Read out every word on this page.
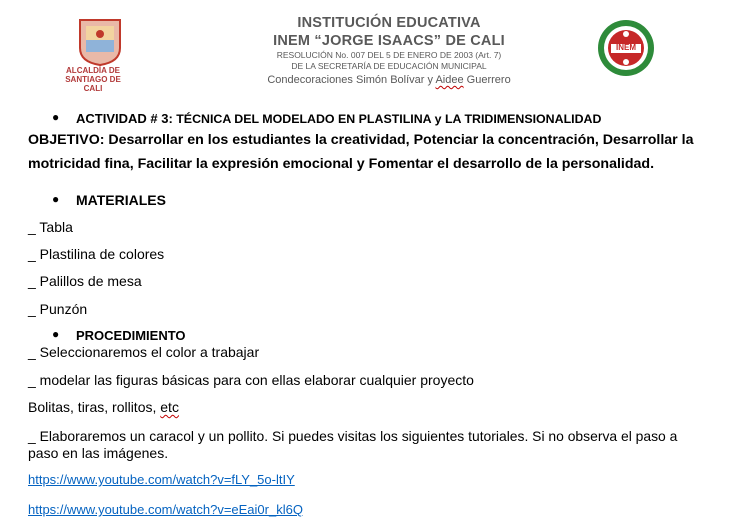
ALCALDÍA DE
SANTIAGO DE CALI
INSTITUCIÓN EDUCATIVA
INEM “JORGE ISAACS” DE CALI
RESOLUCIÓN No. 007 DEL 5 DE ENERO DE 2003 (Art. 7)
DE LA SECRETARÍA DE EDUCACIÓN MUNICIPAL
Condecoraciones Simón Bolívar y Aidee Guerrero
INEM
● ACTIVIDAD # 3: TÉCNICA DEL MODELADO EN PLASTILINA y LA TRIDIMENSIONALIDAD
OBJETIVO: Desarrollar en los estudiantes la creatividad, Potenciar la concentración, Desarrollar la
motricidad fina, Facilitar la expresión emocional y Fomentar el desarrollo de la personalidad.
● MATERIALES
_ Tabla
_ Plastilina de colores
_ Palillos de mesa
_ Punzón
● PROCEDIMIENTO
_ Seleccionaremos el color a trabajar
_ modelar las figuras básicas para con ellas elaborar cualquier proyecto
Bolitas, tiras, rollitos, etc
_ Elaboraremos un caracol y un pollito. Si puedes visitas los siguientes tutoriales. Si no observa el paso a
paso en las imágenes.
https://www.youtube.com/watch?v=fLY_5o-ltIY
https://www.youtube.com/watch?v=eEai0r_kl6Q
